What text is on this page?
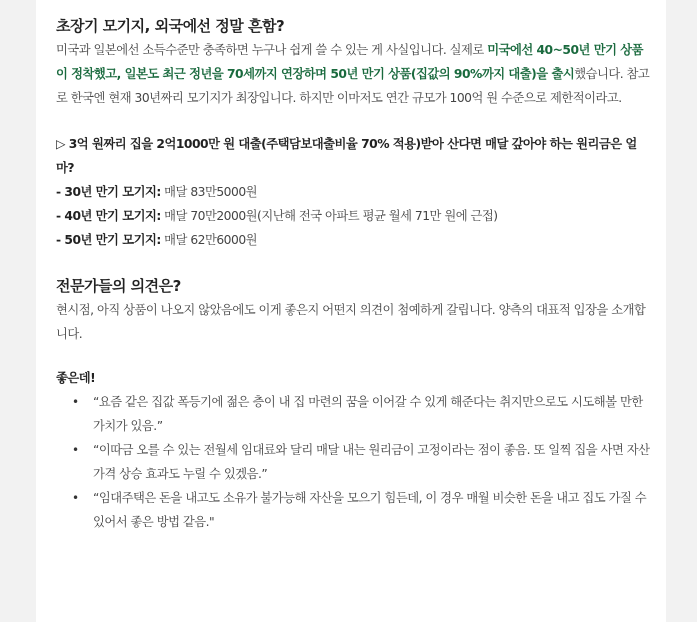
초장기 모기지, 외국에선 정말 흔함?

미국과 일본에선 소득수준만 충족하면 누구나 쉽게 쓸 수 있는 게 사실입니다. 실제로 미국에선 40~50년 만기 상품이 정착했고, 일본도 최근 정년을 70세까지 연장하며 50년 만기 상품(집값의 90%까지 대출)을 출시했습니다. 참고로 한국엔 현재 30년짜리 모기지가 최장입니다. 하지만 이마저도 연간 규모가 100억 원 수준으로 제한적이라고.

▷ 3억 원짜리 집을 2억1000만 원 대출(주택담보대출비율 70% 적용)받아 산다면 매달 갚아야 하는 원리금은 얼마?

- 30년 만기 모기지: 매달 83만5000원
- 40년 만기 모기지: 매달 70만2000원(지난해 전국 아파트 평균 월세 71만 원에 근접)
- 50년 만기 모기지: 매달 62만6000원
전문가들의 의견은?

현시점, 아직 상품이 나오지 않았음에도 이게 좋은지 어떤지 의견이 첨예하게 갈립니다. 양측의 대표적 입장을 소개합니다.

좋은데!

• “요즘 같은 집값 폭등기에 젊은 층이 내 집 마련의 꿈을 이어갈 수 있게 해준다는 취지만으로도 시도해볼 만한 가치가 있음.”
• “이따금 오를 수 있는 전월세 임대료와 달리 매달 내는 원리금이 고정이라는 점이 좋음. 또 일찍 집을 사면 자산 가격 상승 효과도 누릴 수 있겠음.”
• “임대주택은 돈을 내고도 소유가 불가능해 자산을 모으기 힘든데, 이 경우 매월 비슷한 돈을 내고 집도 가질 수 있어서 좋은 방법 같음."
